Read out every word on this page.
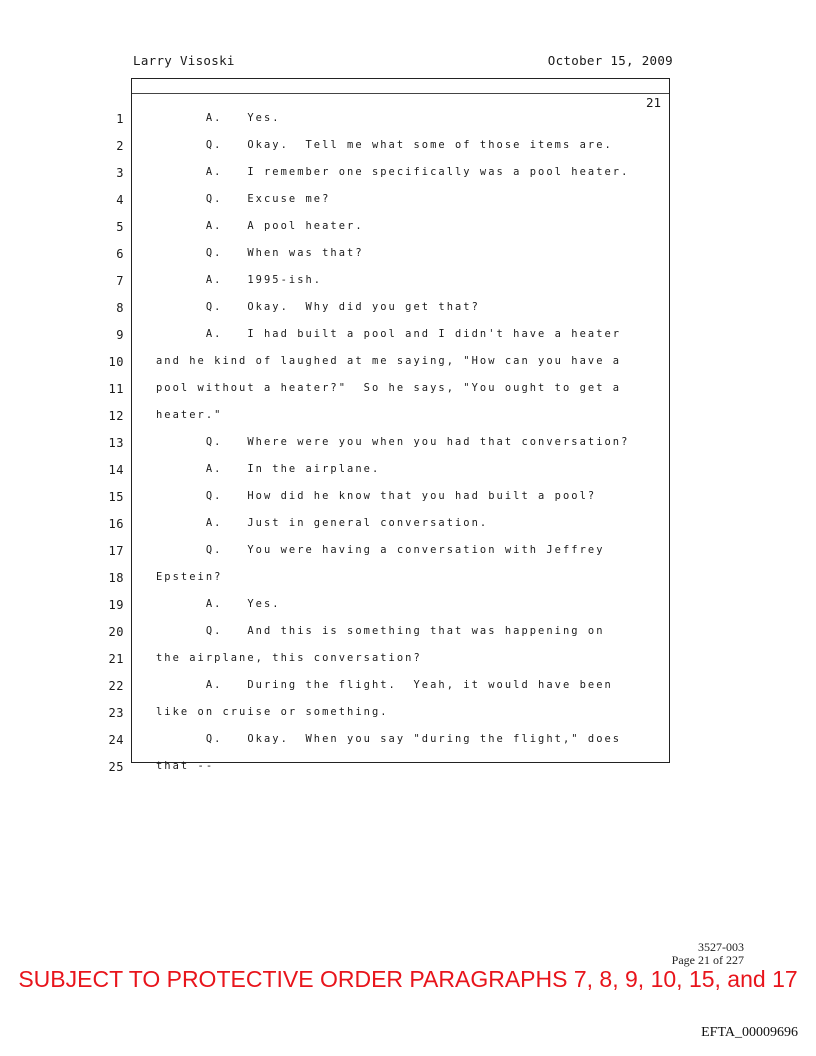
Larry Visoski	October 15, 2009
21
1	A.   Yes.
2	Q.   Okay.  Tell me what some of those items are.
3	A.   I remember one specifically was a pool heater.
4	Q.   Excuse me?
5	A.   A pool heater.
6	Q.   When was that?
7	A.   1995-ish.
8	Q.   Okay.  Why did you get that?
9	A.   I had built a pool and I didn't have a heater
10	and he kind of laughed at me saying, "How can you have a
11	pool without a heater?"  So he says, "You ought to get a
12	heater."
13	Q.   Where were you when you had that conversation?
14	A.   In the airplane.
15	Q.   How did he know that you had built a pool?
16	A.   Just in general conversation.
17	Q.   You were having a conversation with Jeffrey
18	Epstein?
19	A.   Yes.
20	Q.   And this is something that was happening on
21	the airplane, this conversation?
22	A.   During the flight.  Yeah, it would have been
23	like on cruise or something.
24	Q.   Okay.  When you say "during the flight," does
25	that --
3527-003
Page 21 of 227
SUBJECT TO PROTECTIVE ORDER PARAGRAPHS 7, 8, 9, 10, 15, and 17
EFTA_00009696
